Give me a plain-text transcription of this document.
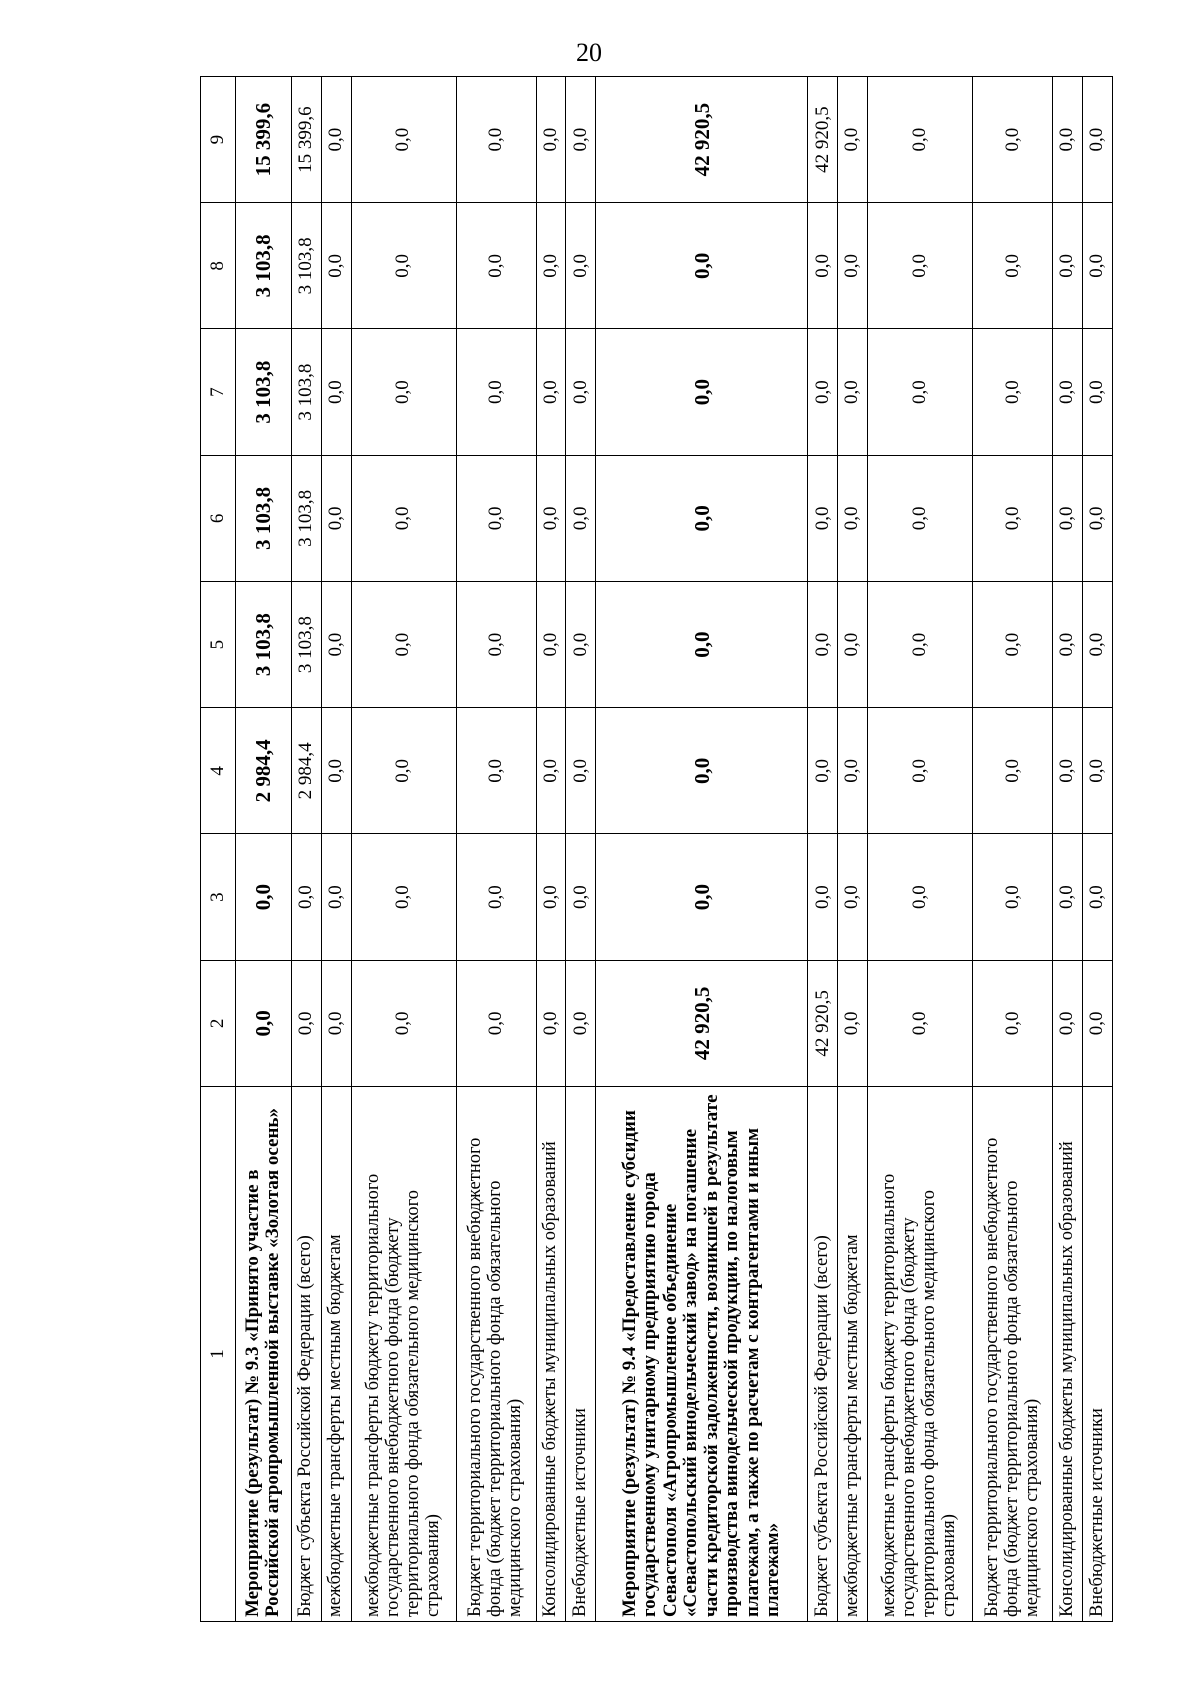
20
1	2	3	4	5	6	7	8	9
Мероприятие (результат) № 9.3 «Принято участие в Российской агропромышленной выставке «Золотая осень»	0,0	0,0	2 984,4	3 103,8	3 103,8	3 103,8	3 103,8	15 399,6
Бюджет субъекта Российской Федерации (всего)	0,0	0,0	2 984,4	3 103,8	3 103,8	3 103,8	3 103,8	15 399,6
межбюджетные трансферты местным бюджетам	0,0	0,0	0,0	0,0	0,0	0,0	0,0	0,0
межбюджетные трансферты бюджету территориального государственного внебюджетного фонда (бюджету территориального фонда обязательного медицинского страхования)	0,0	0,0	0,0	0,0	0,0	0,0	0,0	0,0
Бюджет территориального государственного внебюджетного фонда (бюджет территориального фонда обязательного медицинского страхования)	0,0	0,0	0,0	0,0	0,0	0,0	0,0	0,0
Консолидированные бюджеты муниципальных образований	0,0	0,0	0,0	0,0	0,0	0,0	0,0	0,0
Внебюджетные источники	0,0	0,0	0,0	0,0	0,0	0,0	0,0	0,0
Мероприятие (результат) № 9.4 «Предоставление субсидии государственному унитарному предприятию города Севастополя «Агропромышленное объединение «Севастопольский винодельческий завод» на погашение части кредиторской задолженности, возникшей в результате производства винодельческой продукции, по налоговым платежам, а также по расчетам с контрагентами и иным платежам»	42 920,5	0,0	0,0	0,0	0,0	0,0	0,0	42 920,5
Бюджет субъекта Российской Федерации (всего)	42 920,5	0,0	0,0	0,0	0,0	0,0	0,0	42 920,5
межбюджетные трансферты местным бюджетам	0,0	0,0	0,0	0,0	0,0	0,0	0,0	0,0
межбюджетные трансферты бюджету территориального государственного внебюджетного фонда (бюджету территориального фонда обязательного медицинского страхования)	0,0	0,0	0,0	0,0	0,0	0,0	0,0	0,0
Бюджет территориального государственного внебюджетного фонда (бюджет территориального фонда обязательного медицинского страхования)	0,0	0,0	0,0	0,0	0,0	0,0	0,0	0,0
Консолидированные бюджеты муниципальных образований	0,0	0,0	0,0	0,0	0,0	0,0	0,0	0,0
Внебюджетные источники	0,0	0,0	0,0	0,0	0,0	0,0	0,0	0,0
